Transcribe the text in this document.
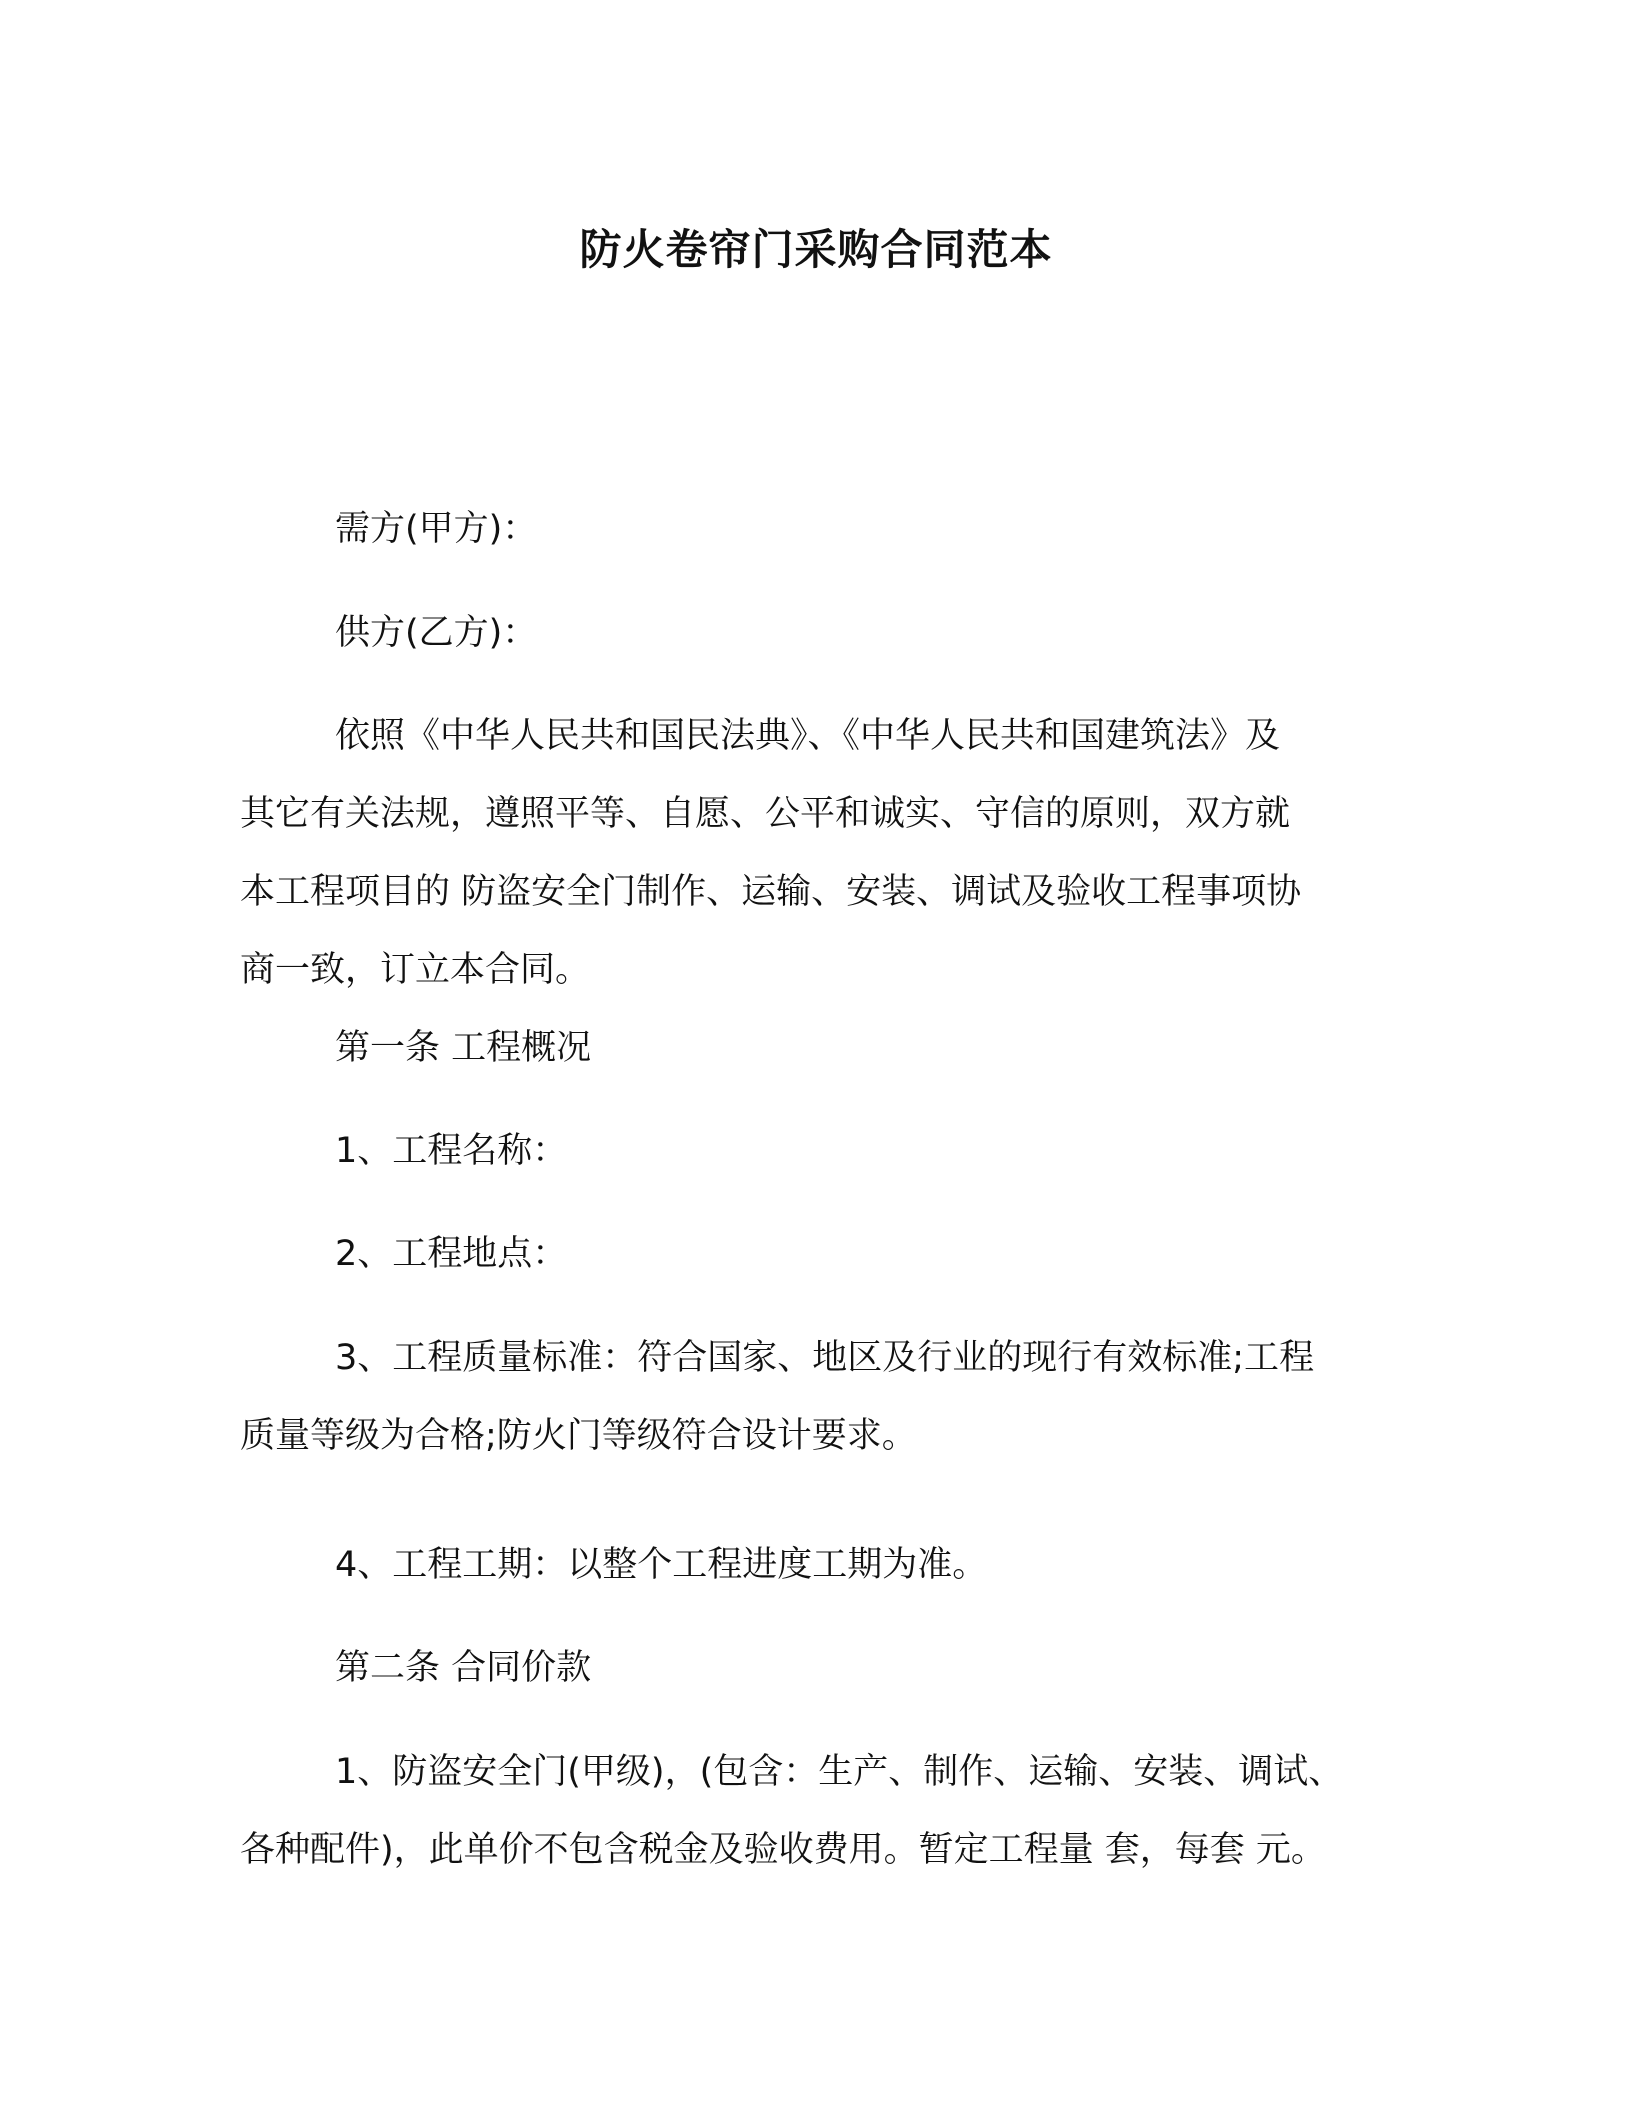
防火卷帘门采购合同范本
需方(甲方)：
供方(乙方)：
依照《中华人民共和国民法典》、《中华人民共和国建筑法》及
其它有关法规，遵照平等、自愿、公平和诚实、守信的原则，双方就
本工程项目的 防盗安全门制作、运输、安装、调试及验收工程事项协
商一致，订立本合同。
第一条 工程概况
1、工程名称：
2、工程地点：
3、工程质量标准：符合国家、地区及行业的现行有效标准;工程
质量等级为合格;防火门等级符合设计要求。
4、工程工期：以整个工程进度工期为准。
第二条 合同价款
1、防盗安全门(甲级)，(包含：生产、制作、运输、安装、调试、
各种配件)，此单价不包含税金及验收费用。暂定工程量 套，每套 元。
